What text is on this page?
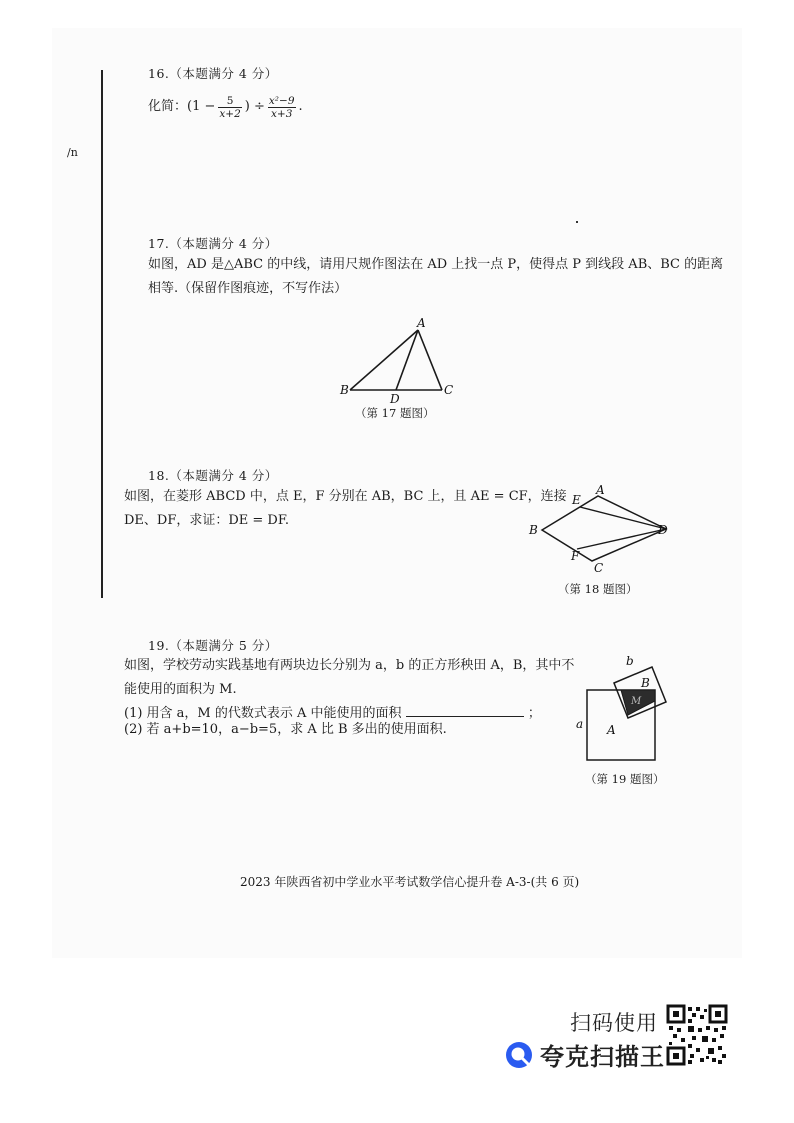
/n
16.（本题满分 4 分）
化简：($1 - \frac{5}{x+2}$ ) ÷ $\frac{\text{x²−9}}{x+3}$ .
17.（本题满分 4 分）
如图，AD 是△ABC 的中线，请用尺规作图法在 AD 上找一点 P，使得点 P 到线段 AB、BC 的距离
相等.（保留作图痕迹，不写作法）
A
B	C
D
（第 17 题图）
18.（本题满分 4 分）
如图，在菱形 ABCD 中，点 E，F 分别在 AB，BC 上，且 AE = CF，连接
DE、DF，求证：DE = DF.
A
B
C
D
E
F
（第 18 题图）
19.（本题满分 5 分）
如图，学校劳动实践基地有两块边长分别为 a，b 的正方形秧田 A，B，其中不
能使用的面积为 M.
(1) 用含 a，M 的代数式表示 A 中能使用的面积	；
(2) 若 a+b=10，a−b=5，求 A 比 B 多出的使用面积.
M
b
B
a A
（第 19 题图）
2023 年陕西省初中学业水平考试数学信心提升卷 A-3-(共 6 页)
扫码使用
夸克扫描王
